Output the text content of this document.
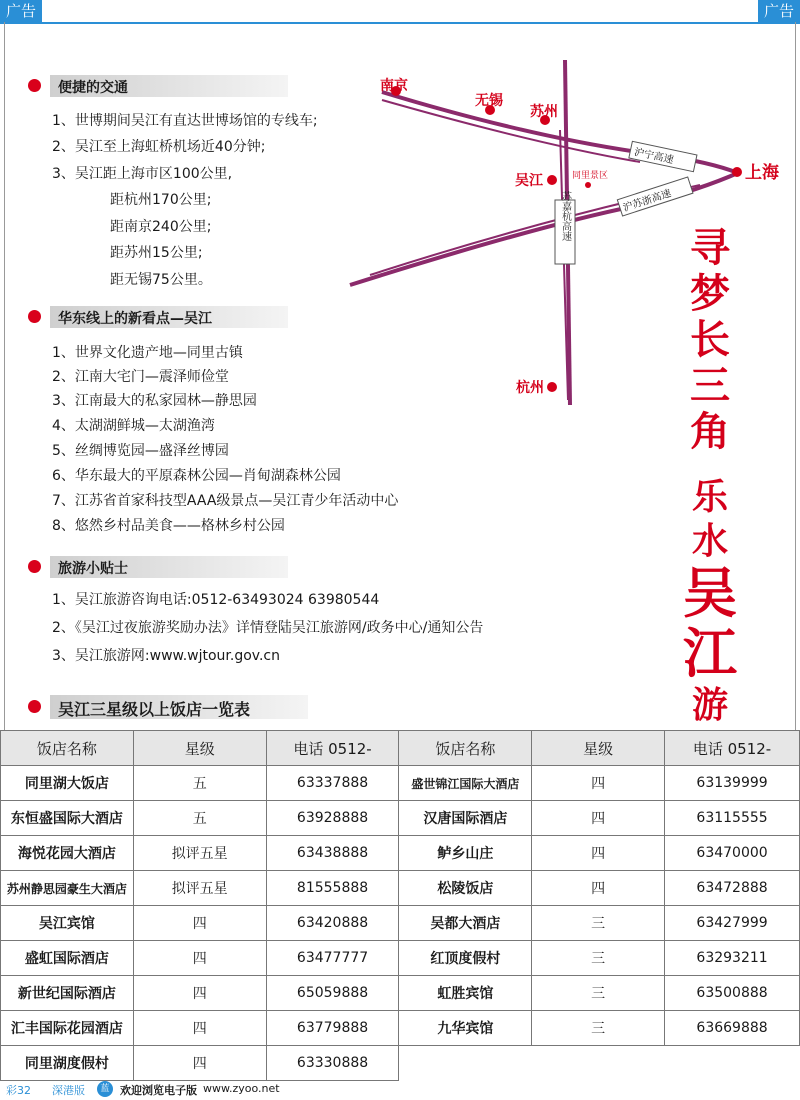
广告	广告
便捷的交通
1、世博期间吴江有直达世博场馆的专线车;
2、吴江至上海虹桥机场近40分钟;
3、吴江距上海市区100公里,
距杭州170公里;
距南京240公里;
距苏州15公里;
距无锡75公里。
华东线上的新看点—吴江
1、世界文化遗产地—同里古镇
2、江南大宅门—震泽师俭堂
3、江南最大的私家园林—静思园
4、太湖湖鲜城—太湖渔湾
5、丝绸博览园—盛泽丝博园
6、华东最大的平原森林公园—肖甸湖森林公园
7、江苏省首家科技型AAA级景点—吴江青少年活动中心
8、悠然乡村品美食——格林乡村公园
旅游小贴士
1、吴江旅游咨询电话:0512-63493024 63980544
2、《吴江过夜旅游奖励办法》详情登陆吴江旅游网/政务中心/通知公告
3、吴江旅游网:www.wjtour.gov.cn
沪宁高速
沪苏浙高速
苏嘉杭高速
南京
无锡
苏州
上海
吴江	同里景区
杭州
寻
梦
长
三
角
乐
水
吴
江
游
吴江三星级以上饭店一览表
饭店名称	星级	电话 0512-	饭店名称	星级	电话 0512-
同里湖大饭店	五	63337888	盛世锦江国际大酒店	四	63139999
东恒盛国际大酒店	五	63928888	汉唐国际酒店	四	63115555
海悦花园大酒店	拟评五星	63438888	鲈乡山庄	四	63470000
苏州静思园豪生大酒店	拟评五星	81555888	松陵饭店	四	63472888
吴江宾馆	四	63420888	吴都大酒店	三	63427999
盛虹国际酒店	四	63477777	红顶度假村	三	63293211
新世纪国际酒店	四	65059888	虹胜宾馆	三	63500888
汇丰国际花园酒店	四	63779888	九华宾馆	三	63669888
同里湖度假村	四	63330888			
彩32 深港版	蓝 欢迎浏览电子版 www.zyoo.net
